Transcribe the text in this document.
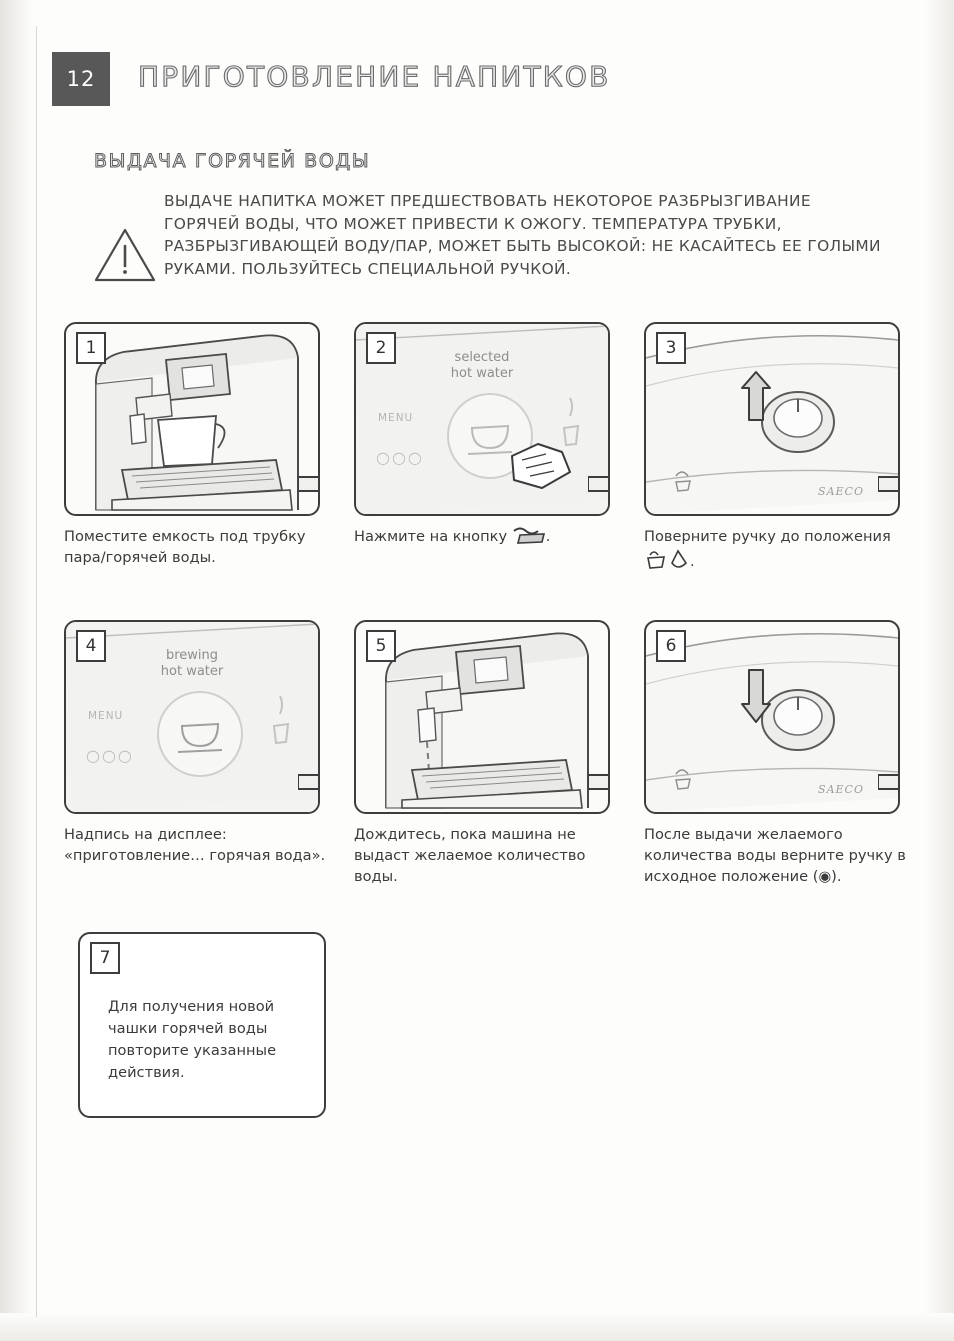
12	ПРИГОТОВЛЕНИЕ НАПИТКОВ
ВЫДАЧА ГОРЯЧЕЙ ВОДЫ
ВЫДАЧЕ НАПИТКА МОЖЕТ ПРЕДШЕСТВОВАТЬ НЕКОТОРОЕ РАЗБРЫЗГИВАНИЕ ГОРЯЧЕЙ ВОДЫ, ЧТО МОЖЕТ ПРИВЕСТИ К ОЖОГУ. ТЕМПЕРАТУРА ТРУБКИ, РАЗБРЫЗГИВАЮЩЕЙ ВОДУ/ПАР, МОЖЕТ БЫТЬ ВЫСОКОЙ: НЕ КАСАЙТЕСЬ ЕЕ ГОЛЫМИ РУКАМИ. ПОЛЬЗУЙТЕСЬ СПЕЦИАЛЬНОЙ РУЧКОЙ.
1
Поместите емкость под трубку пара/горячей воды.
2	selected
hot water
MENU
○○○
Нажмите на кнопку	.
3
SAECO
Поверните ручку до положения
.
4	brewing
hot water
MENU
○○○
Надпись на дисплее: «приготовление… горячая вода».
5
Дождитесь, пока машина не выдаст желаемое количество воды.
6
SAECO
После выдачи желаемого количества воды верните ручку в исходное положение (◉).
7
Для получения новой чашки горячей воды повторите указанные действия.
